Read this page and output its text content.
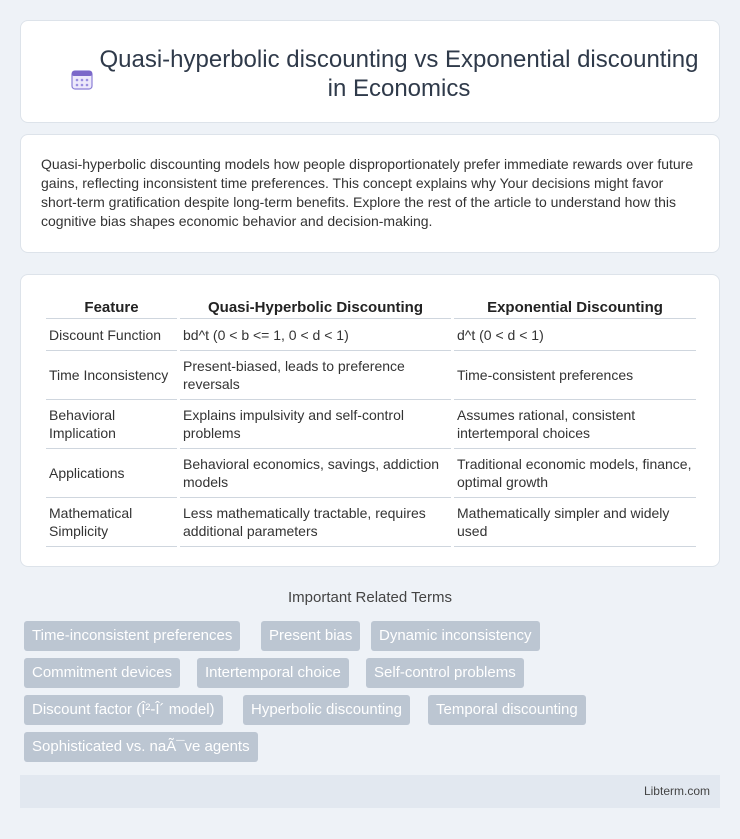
Quasi-hyperbolic discounting vs Exponential discounting in Economics

Quasi-hyperbolic discounting models how people disproportionately prefer immediate rewards over future gains, reflecting inconsistent time preferences. This concept explains why Your decisions might favor short-term gratification despite long-term benefits. Explore the rest of the article to understand how this cognitive bias shapes economic behavior and decision-making.

Feature	Quasi-Hyperbolic Discounting	Exponential Discounting
Discount Function	bd^t (0 < b <= 1, 0 < d < 1)	d^t (0 < d < 1)
Time Inconsistency	Present-biased, leads to preference reversals	Time-consistent preferences
Behavioral Implication	Explains impulsivity and self-control problems	Assumes rational, consistent intertemporal choices
Applications	Behavioral economics, savings, addiction models	Traditional economic models, finance, optimal growth
Mathematical Simplicity	Less mathematically tractable, requires additional parameters	Mathematically simpler and widely used
Important Related Terms
Time-inconsistent preferences	Present bias	Dynamic inconsistency
Commitment devices	Intertemporal choice	Self-control problems
Discount factor (Î²-Î´ model)	Hyperbolic discounting	Temporal discounting
Sophisticated vs. naÃ¯ve agents
Libterm.com
